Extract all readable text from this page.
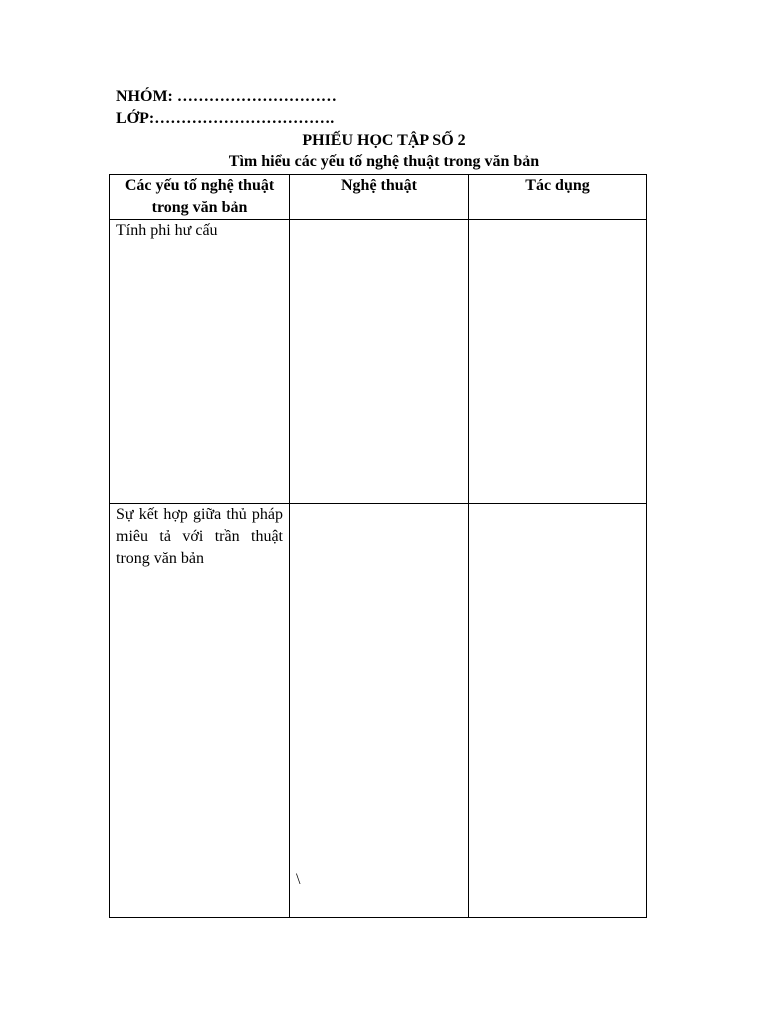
NHÓM: …………………………
LỚP:…………………………….
PHIẾU HỌC TẬP SỐ 2
Tìm hiểu các yếu tố nghệ thuật trong văn bản
Các yếu tố nghệ thuật trong văn bản	Nghệ thuật	Tác dụng

Tính phi hư cấu		

Sự kết hợp giữa thủ pháp miêu tả với trần thuật trong văn bản	\	
